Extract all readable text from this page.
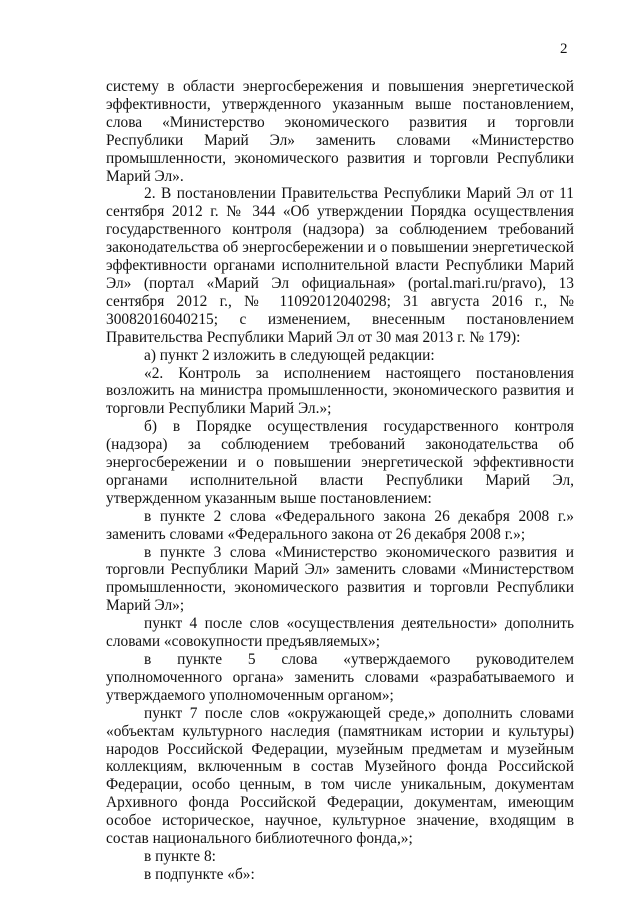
2

систему в области энергосбережения и повышения энергетической эффективности, утвержденного указанным выше постановлением, слова «Министерство экономического развития и торговли Республики Марий Эл» заменить словами «Министерство промышленности, экономического развития и торговли Республики Марий Эл».

2. В постановлении Правительства Республики Марий Эл от 11 сентября 2012 г. № 344 «Об утверждении Порядка осуществления государственного контроля (надзора) за соблюдением требований законодательства об энергосбережении и о повышении энергетической эффективности органами исполнительной власти Республики Марий Эл» (портал «Марий Эл официальная» (portal.mari.ru/pravo), 13 сентября 2012 г., № 11092012040298; 31 августа 2016 г., № 30082016040215; с изменением, внесенным постановлением Правительства Республики Марий Эл от 30 мая 2013 г. № 179):

а) пункт 2 изложить в следующей редакции:

«2. Контроль за исполнением настоящего постановления возложить на министра промышленности, экономического развития и торговли Республики Марий Эл.»;

б) в Порядке осуществления государственного контроля (надзора) за соблюдением требований законодательства об энергосбережении и о повышении энергетической эффективности органами исполнительной власти Республики Марий Эл, утвержденном указанным выше постановлением:

в пункте 2 слова «Федерального закона 26 декабря 2008 г.» заменить словами «Федерального закона от 26 декабря 2008 г.»;

в пункте 3 слова «Министерство экономического развития и торговли Республики Марий Эл» заменить словами «Министерством промышленности, экономического развития и торговли Республики Марий Эл»;

пункт 4 после слов «осуществления деятельности» дополнить словами «совокупности предъявляемых»;

в пункте 5 слова «утверждаемого руководителем уполномоченного органа» заменить словами «разрабатываемого и утверждаемого уполномоченным органом»;

пункт 7 после слов «окружающей среде,» дополнить словами «объектам культурного наследия (памятникам истории и культуры) народов Российской Федерации, музейным предметам и музейным коллекциям, включенным в состав Музейного фонда Российской Федерации, особо ценным, в том числе уникальным, документам Архивного фонда Российской Федерации, документам, имеющим особое историческое, научное, культурное значение, входящим в состав национального библиотечного фонда,»;

в пункте 8:

в подпункте «б»:
